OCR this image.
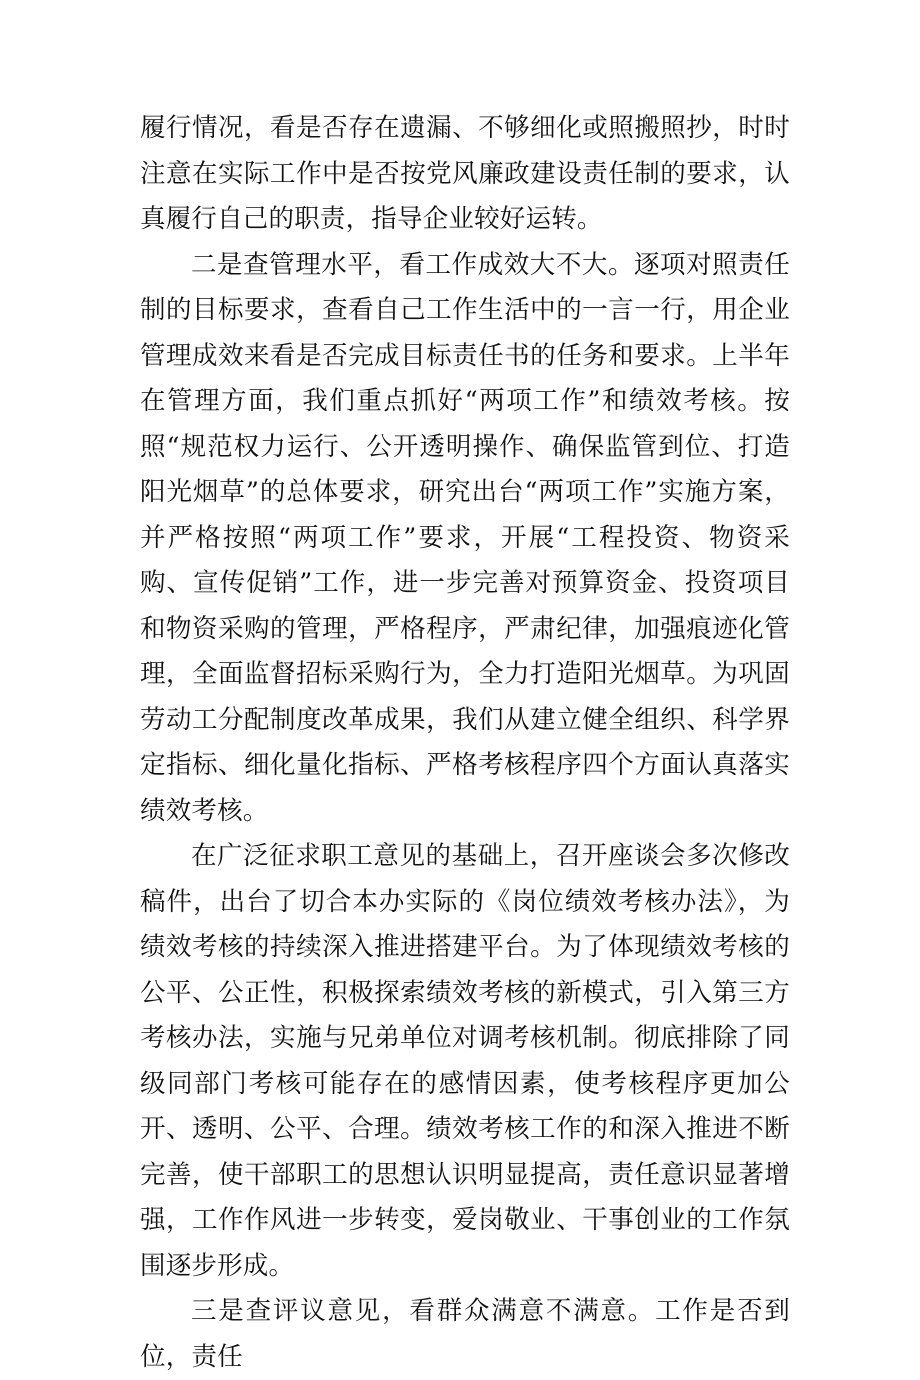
履行情况，看是否存在遗漏、不够细化或照搬照抄，时时注意在实际工作中是否按党风廉政建设责任制的要求，认真履行自己的职责，指导企业较好运转。

二是查管理水平，看工作成效大不大。逐项对照责任制的目标要求，查看自己工作生活中的一言一行，用企业管理成效来看是否完成目标责任书的任务和要求。上半年在管理方面，我们重点抓好“两项工作”和绩效考核。按照“规范权力运行、公开透明操作、确保监管到位、打造阳光烟草”的总体要求，研究出台“两项工作”实施方案，并严格按照“两项工作”要求，开展“工程投资、物资采购、宣传促销”工作，进一步完善对预算资金、投资项目和物资采购的管理，严格程序，严肃纪律，加强痕迹化管理，全面监督招标采购行为，全力打造阳光烟草。为巩固劳动工分配制度改革成果，我们从建立健全组织、科学界定指标、细化量化指标、严格考核程序四个方面认真落实绩效考核。

在广泛征求职工意见的基础上，召开座谈会多次修改稿件，出台了切合本办实际的《岗位绩效考核办法》，为绩效考核的持续深入推进搭建平台。为了体现绩效考核的公平、公正性，积极探索绩效考核的新模式，引入第三方考核办法，实施与兄弟单位对调考核机制。彻底排除了同级同部门考核可能存在的感情因素，使考核程序更加公开、透明、公平、合理。绩效考核工作的和深入推进不断完善，使干部职工的思想认识明显提高，责任意识显著增强，工作作风进一步转变，爱岗敬业、干事创业的工作氛围逐步形成。

三是查评议意见，看群众满意不满意。工作是否到位，责任
